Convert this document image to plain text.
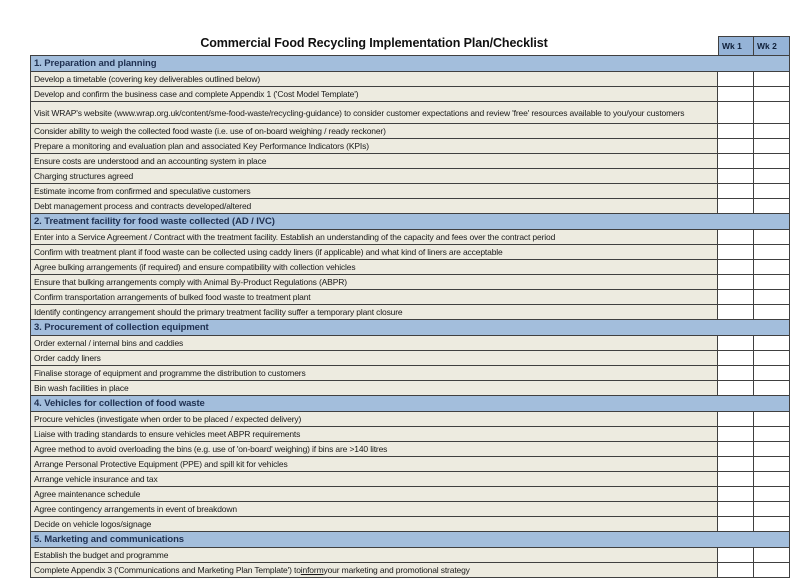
Commercial Food Recycling Implementation Plan/Checklist	Wk 1	Wk 2
1. Preparation and planning
Develop a timetable (covering key deliverables outlined below)
Develop and confirm the business case and complete Appendix 1 ('Cost Model Template')
Visit WRAP's website (www.wrap.org.uk/content/sme-food-waste/recycling-guidance) to consider customer expectations and review 'free' resources available to you/your customers
Consider ability to weigh the collected food waste (i.e. use of on-board weighing / ready reckoner)
Prepare a monitoring and evaluation plan and associated Key Performance Indicators (KPIs)
Ensure costs are understood and an accounting system in place
Charging structures agreed
Estimate income from confirmed and speculative customers
Debt management process and contracts developed/altered
2. Treatment facility for food waste collected (AD / IVC)
Enter into a Service Agreement / Contract with the treatment facility. Establish an understanding of the capacity and fees over the contract period
Confirm with treatment plant if food waste can be collected using caddy liners (if applicable) and what kind of liners are acceptable
Agree bulking arrangements (if required) and ensure compatibility with collection vehicles
Ensure that bulking arrangements comply with Animal By-Product Regulations (ABPR)
Confirm transportation arrangements of bulked food waste to treatment plant
Identify contingency arrangement should the primary treatment facility suffer a temporary plant closure
3. Procurement of collection equipment
Order external / internal bins and caddies
Order caddy liners
Finalise storage of equipment and programme the distribution to customers
Bin wash facilities in place
4. Vehicles for collection of food waste
Procure vehicles (investigate when order to be placed / expected delivery)
Liaise with trading standards to ensure vehicles meet ABPR requirements
Agree method to avoid overloading the bins (e.g. use of 'on-board' weighing) if bins are >140 litres
Arrange Personal Protective Equipment (PPE) and spill kit for vehicles
Arrange vehicle insurance and tax
Agree maintenance schedule
Agree contingency arrangements in event of breakdown
Decide on vehicle logos/signage
5. Marketing and communications
Establish the budget and programme
Complete Appendix 3 ('Communications and Marketing Plan Template') to inform your marketing and promotional strategy
